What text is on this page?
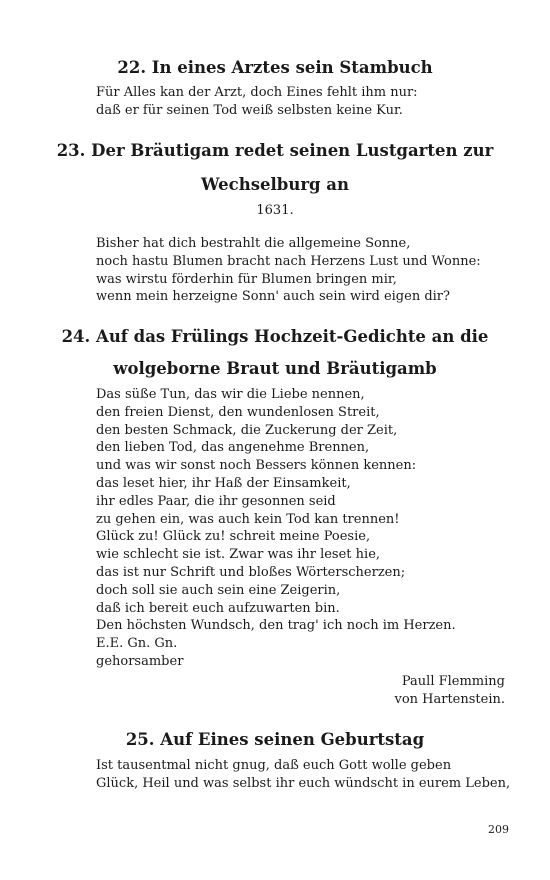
22. In eines Arztes sein Stambuch
Für Alles kan der Arzt, doch Eines fehlt ihm nur:
daß er für seinen Tod weiß selbsten keine Kur.
23. Der Bräutigam redet seinen Lustgarten zur
Wechselburg an
1631.
Bisher hat dich bestrahlt die allgemeine Sonne,
noch hastu Blumen bracht nach Herzens Lust und Wonne:
was wirstu förderhin für Blumen bringen mir,
wenn mein herzeigne Sonn' auch sein wird eigen dir?
24. Auf das Frülings Hochzeit-Gedichte an die
wolgeborne Braut und Bräutigamb
Das süße Tun, das wir die Liebe nennen,
den freien Dienst, den wundenlosen Streit,
den besten Schmack, die Zuckerung der Zeit,
den lieben Tod, das angenehme Brennen,
und was wir sonst noch Bessers können kennen:
das leset hier, ihr Haß der Einsamkeit,
ihr edles Paar, die ihr gesonnen seid
zu gehen ein, was auch kein Tod kan trennen!
Glück zu! Glück zu! schreit meine Poesie,
wie schlecht sie ist. Zwar was ihr leset hie,
das ist nur Schrift und bloßes Wörterscherzen;
doch soll sie auch sein eine Zeigerin,
daß ich bereit euch aufzuwarten bin.
Den höchsten Wundsch, den trag' ich noch im Herzen.
E.E. Gn. Gn.
gehorsamber
Paull Flemming
von Hartenstein.
25. Auf Eines seinen Geburtstag
Ist tausentmal nicht gnug, daß euch Gott wolle geben
Glück, Heil und was selbst ihr euch wündscht in eurem Leben,
209
